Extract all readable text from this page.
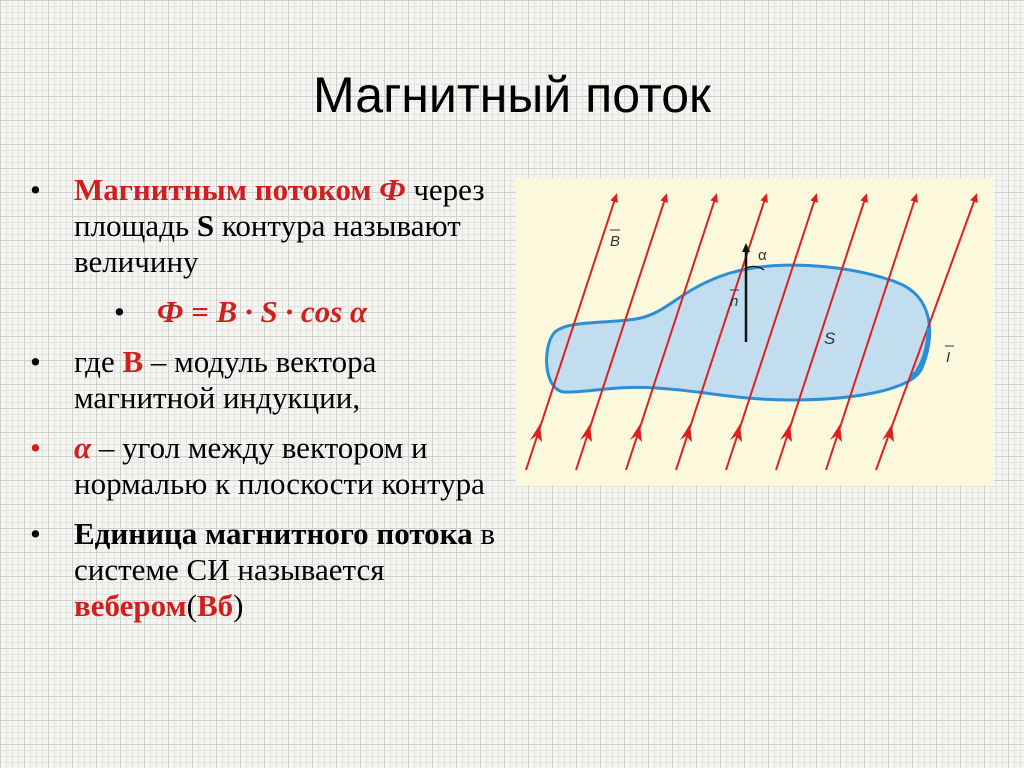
Магнитный поток
• Магнитным потоком Ф через площадь S контура называют величину
• Ф = B · S · cos α
• где B – модуль вектора магнитной индукции,
• α – угол между вектором и нормалью к плоскости контура
• Единица магнитного потока в системе СИ называется вебером(Вб)
B
n
α
S
I
